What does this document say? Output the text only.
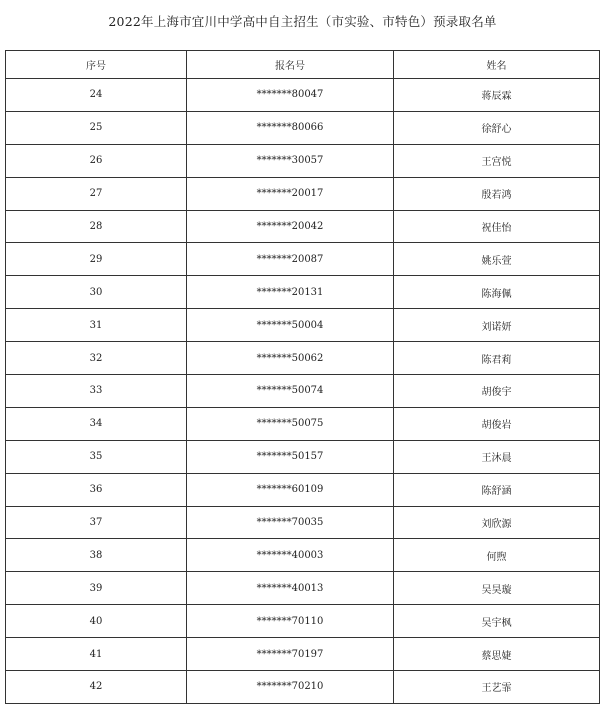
2022年上海市宜川中学高中自主招生（市实验、市特色）预录取名单
序号	报名号	姓名
24	*******80047	蒋辰霖
25	*******80066	徐舒心
26	*******30057	王宫悦
27	*******20017	殷若鸿
28	*******20042	祝佳怡
29	*******20087	姚乐萱
30	*******20131	陈海佩
31	*******50004	刘诺妍
32	*******50062	陈君莉
33	*******50074	胡俊宇
34	*******50075	胡俊岩
35	*******50157	王沐晨
36	*******60109	陈舒涵
37	*******70035	刘欣源
38	*******40003	何煦
39	*******40013	吴昊璇
40	*******70110	吴宇枫
41	*******70197	蔡思婕
42	*******70210	王艺霏
